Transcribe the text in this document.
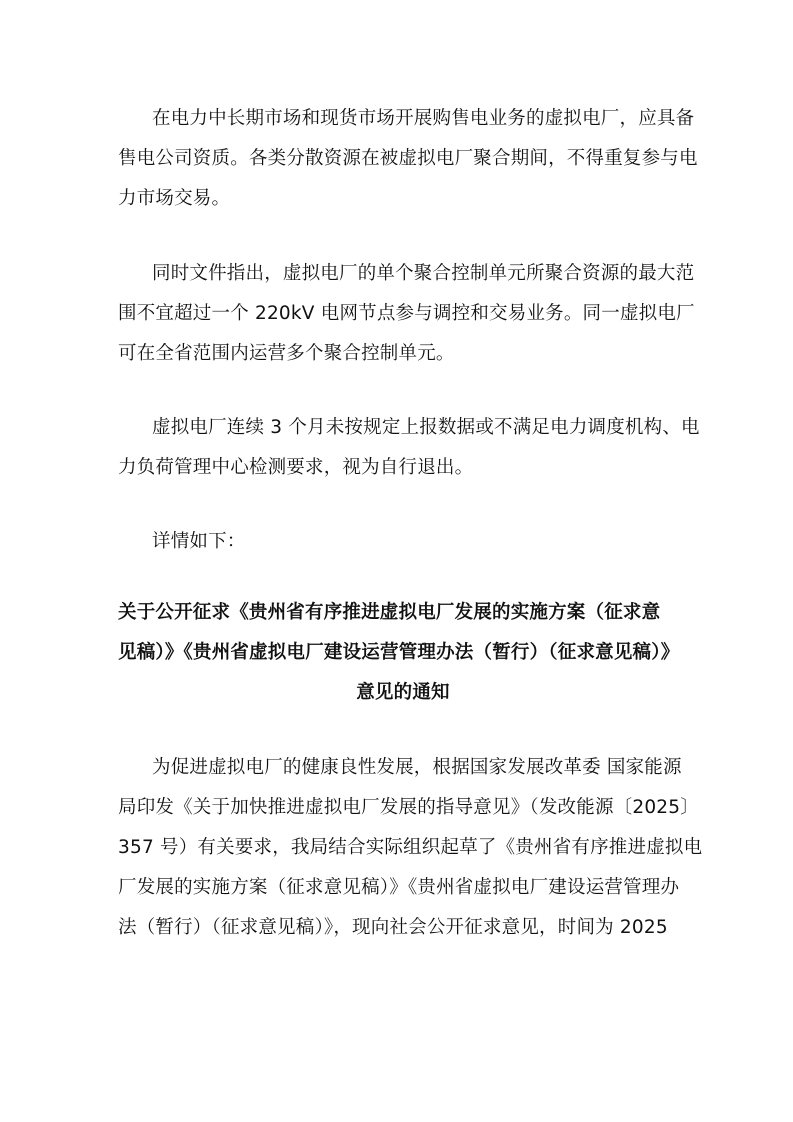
在电力中长期市场和现货市场开展购售电业务的虚拟电厂，应具备
售电公司资质。各类分散资源在被虚拟电厂聚合期间，不得重复参与电
力市场交易。
同时文件指出，虚拟电厂的单个聚合控制单元所聚合资源的最大范
围不宜超过一个 220kV 电网节点参与调控和交易业务。同一虚拟电厂
可在全省范围内运营多个聚合控制单元。
虚拟电厂连续 3 个月未按规定上报数据或不满足电力调度机构、电
力负荷管理中心检测要求，视为自行退出。
详情如下：
关于公开征求《贵州省有序推进虚拟电厂发展的实施方案（征求意
见稿）》《贵州省虚拟电厂建设运营管理办法（暂行）（征求意见稿）》
意见的通知
为促进虚拟电厂的健康良性发展，根据国家发展改革委 国家能源
局印发《关于加快推进虚拟电厂发展的指导意见》（发改能源〔2025〕
357 号）有关要求，我局结合实际组织起草了《贵州省有序推进虚拟电
厂发展的实施方案（征求意见稿）》《贵州省虚拟电厂建设运营管理办
法（暂行）（征求意见稿）》，现向社会公开征求意见，时间为 2025
